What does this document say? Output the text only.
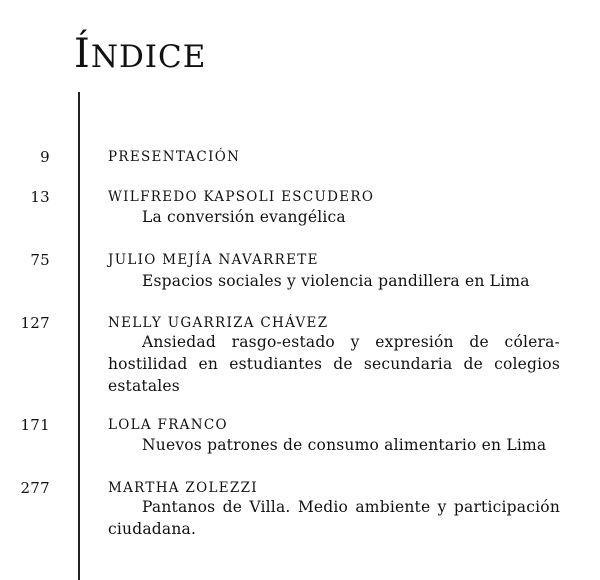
ÍNDICE
9	PRESENTACIÓN
13	WILFREDO KAPSOLI ESCUDERO
La conversión evangélica
75	JULIO MEJÍA NAVARRETE
Espacios sociales y violencia pandillera en Lima
127	NELLY UGARRIZA CHÁVEZ
Ansiedad rasgo-estado y expresión de cólera-hostilidad en estudiantes de secundaria de colegios estatales
171	LOLA FRANCO
Nuevos patrones de consumo alimentario en Lima
277	MARTHA ZOLEZZI
Pantanos de Villa. Medio ambiente y participación ciudadana.
